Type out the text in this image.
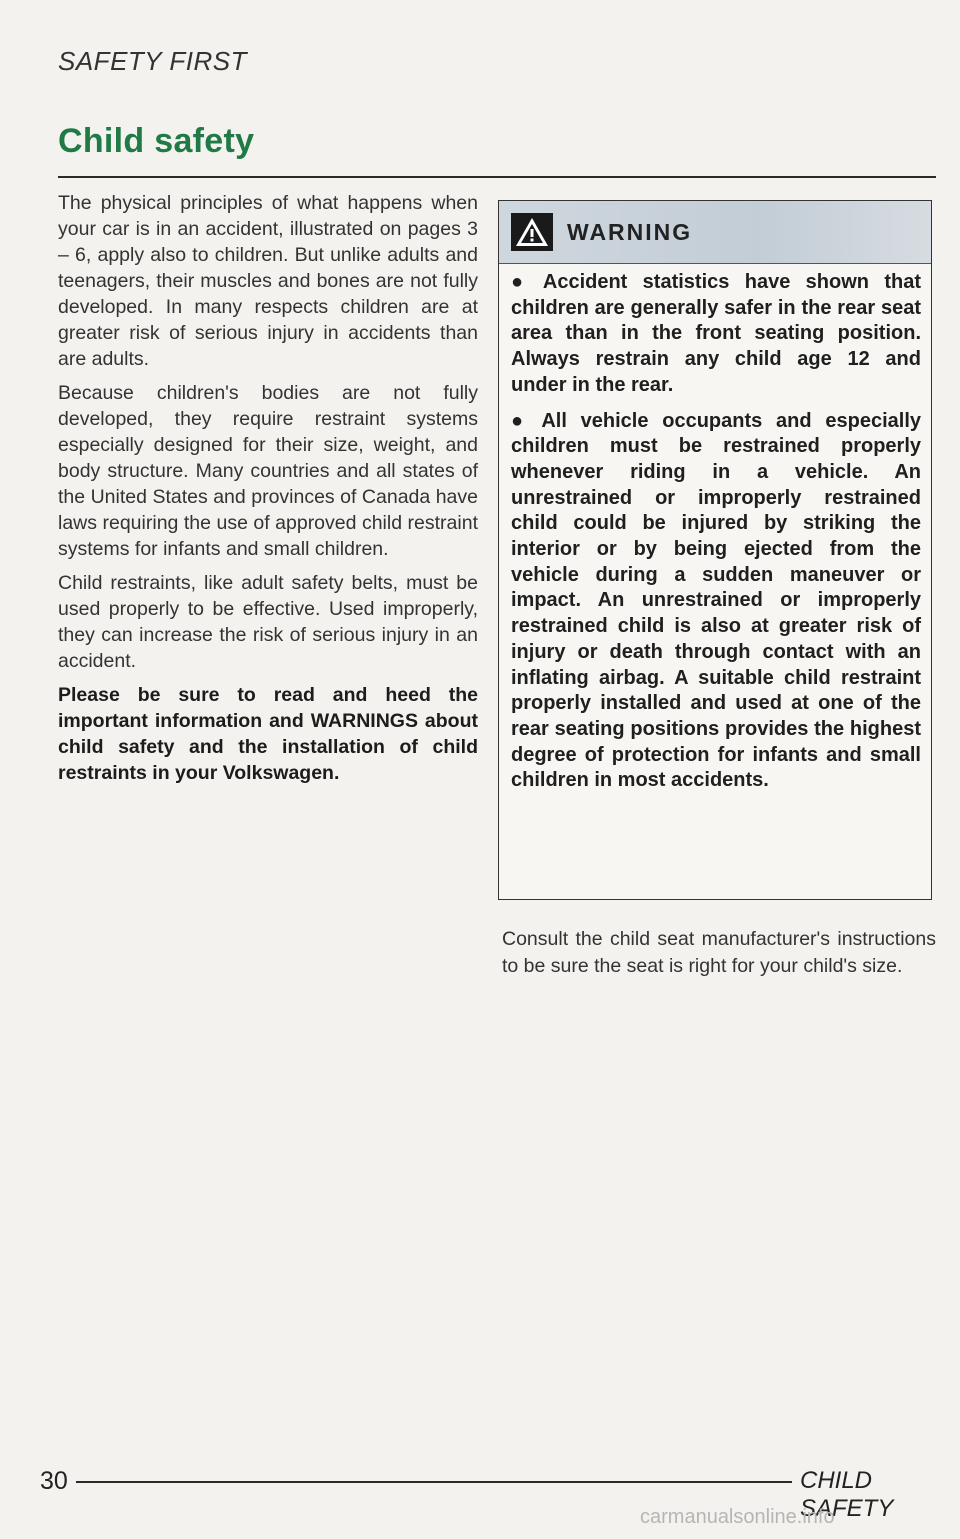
SAFETY FIRST
Child safety

The physical principles of what happens when your car is in an accident, illustrated on pages 3 – 6, apply also to children. But unlike adults and teenagers, their muscles and bones are not fully developed. In many respects children are at greater risk of serious injury in accidents than are adults.

Because children's bodies are not fully developed, they require restraint systems especially designed for their size, weight, and body structure. Many countries and all states of the United States and provinces of Canada have laws requiring the use of approved child restraint systems for infants and small children.

Child restraints, like adult safety belts, must be used properly to be effective. Used improperly, they can increase the risk of serious injury in an accident.

Please be sure to read and heed the important information and WARNINGS about child safety and the installation of child restraints in your Volkswagen.

WARNING

● Accident statistics have shown that children are generally safer in the rear seat area than in the front seating position. Always restrain any child age 12 and under in the rear.

● All vehicle occupants and especially children must be restrained properly whenever riding in a vehicle. An unrestrained or improperly restrained child could be injured by striking the interior or by being ejected from the vehicle during a sudden maneuver or impact. An unrestrained or improperly restrained child is also at greater risk of injury or death through contact with an inflating airbag. A suitable child restraint properly installed and used at one of the rear seating positions provides the highest degree of protection for infants and small children in most accidents.

Consult the child seat manufacturer's instructions to be sure the seat is right for your child's size.
30	CHILD SAFETY
carmanualsonline.info
